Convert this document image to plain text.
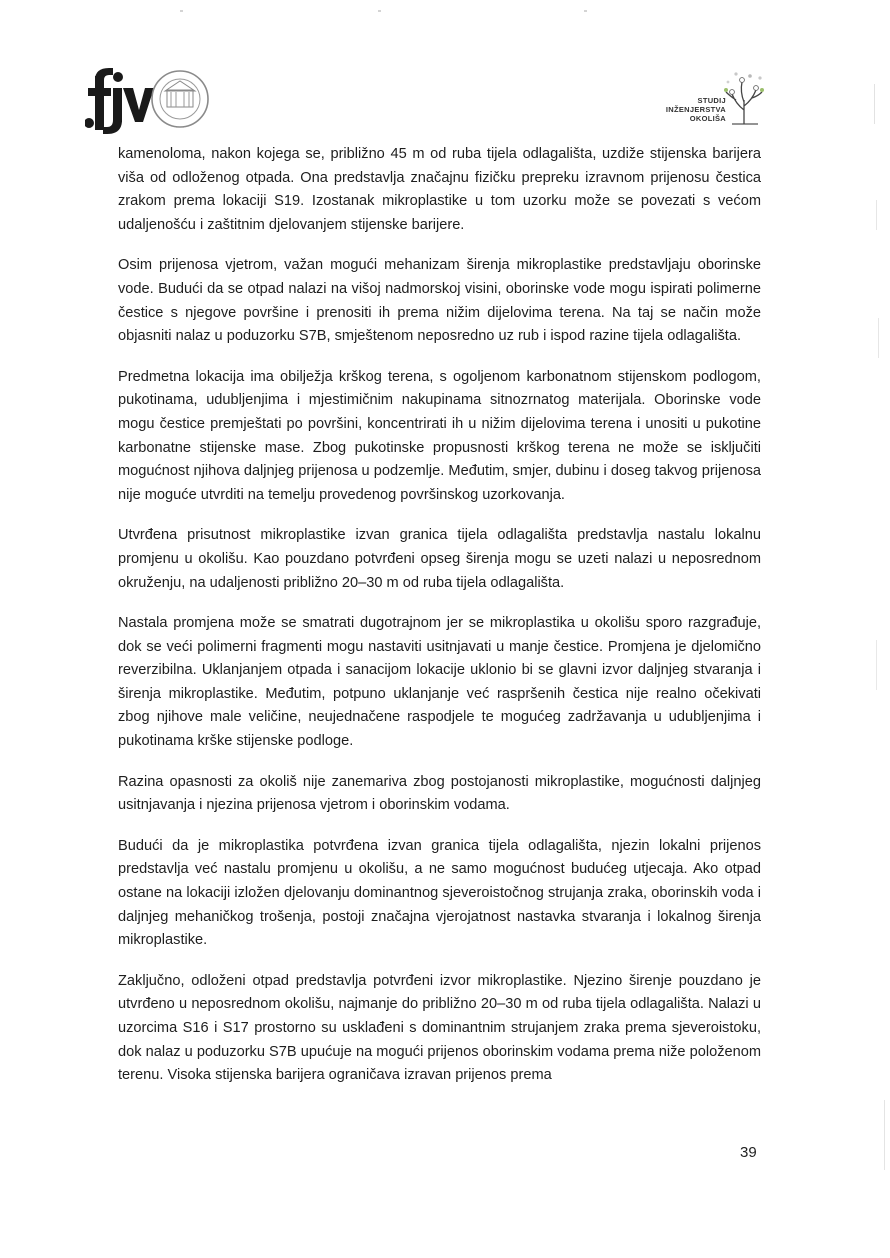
STUDIJ
INŽENJERSTVA
OKOLIŠA

kamenoloma, nakon kojega se, približno 45 m od ruba tijela odlagališta, uzdiže stijenska barijera viša od odloženog otpada. Ona predstavlja značajnu fizičku prepreku izravnom prijenosu čestica zrakom prema lokaciji S19. Izostanak mikroplastike u tom uzorku može se povezati s većom udaljenošću i zaštitnim djelovanjem stijenske barijere.

Osim prijenosa vjetrom, važan mogući mehanizam širenja mikroplastike predstavljaju oborinske vode. Budući da se otpad nalazi na višoj nadmorskoj visini, oborinske vode mogu ispirati polimerne čestice s njegove površine i prenositi ih prema nižim dijelovima terena. Na taj se način može objasniti nalaz u poduzorku S7B, smještenom neposredno uz rub i ispod razine tijela odlagališta.

Predmetna lokacija ima obilježja krškog terena, s ogoljenom karbonatnom stijenskom podlogom, pukotinama, udubljenjima i mjestimičnim nakupinama sitnozrnatog materijala. Oborinske vode mogu čestice premještati po površini, koncentrirati ih u nižim dijelovima terena i unositi u pukotine karbonatne stijenske mase. Zbog pukotinske propusnosti krškog terena ne može se isključiti mogućnost njihova daljnjeg prijenosa u podzemlje. Međutim, smjer, dubinu i doseg takvog prijenosa nije moguće utvrditi na temelju provedenog površinskog uzorkovanja.

Utvrđena prisutnost mikroplastike izvan granica tijela odlagališta predstavlja nastalu lokalnu promjenu u okolišu. Kao pouzdano potvrđeni opseg širenja mogu se uzeti nalazi u neposrednom okruženju, na udaljenosti približno 20–30 m od ruba tijela odlagališta.

Nastala promjena može se smatrati dugotrajnom jer se mikroplastika u okolišu sporo razgrađuje, dok se veći polimerni fragmenti mogu nastaviti usitnjavati u manje čestice. Promjena je djelomično reverzibilna. Uklanjanjem otpada i sanacijom lokacije uklonio bi se glavni izvor daljnjeg stvaranja i širenja mikroplastike. Međutim, potpuno uklanjanje već raspršenih čestica nije realno očekivati zbog njihove male veličine, neujednačene raspodjele te mogućeg zadržavanja u udubljenjima i pukotinama krške stijenske podloge.

Razina opasnosti za okoliš nije zanemariva zbog postojanosti mikroplastike, mogućnosti daljnjeg usitnjavanja i njezina prijenosa vjetrom i oborinskim vodama.

Budući da je mikroplastika potvrđena izvan granica tijela odlagališta, njezin lokalni prijenos predstavlja već nastalu promjenu u okolišu, a ne samo mogućnost budućeg utjecaja. Ako otpad ostane na lokaciji izložen djelovanju dominantnog sjeveroistočnog strujanja zraka, oborinskih voda i daljnjeg mehaničkog trošenja, postoji značajna vjerojatnost nastavka stvaranja i lokalnog širenja mikroplastike.

Zaključno, odloženi otpad predstavlja potvrđeni izvor mikroplastike. Njezino širenje pouzdano je utvrđeno u neposrednom okolišu, najmanje do približno 20–30 m od ruba tijela odlagališta. Nalazi u uzorcima S16 i S17 prostorno su usklađeni s dominantnim strujanjem zraka prema sjeveroistoku, dok nalaz u poduzorku S7B upućuje na mogući prijenos oborinskim vodama prema niže položenom terenu. Visoka stijenska barijera ograničava izravan prijenos prema

39
